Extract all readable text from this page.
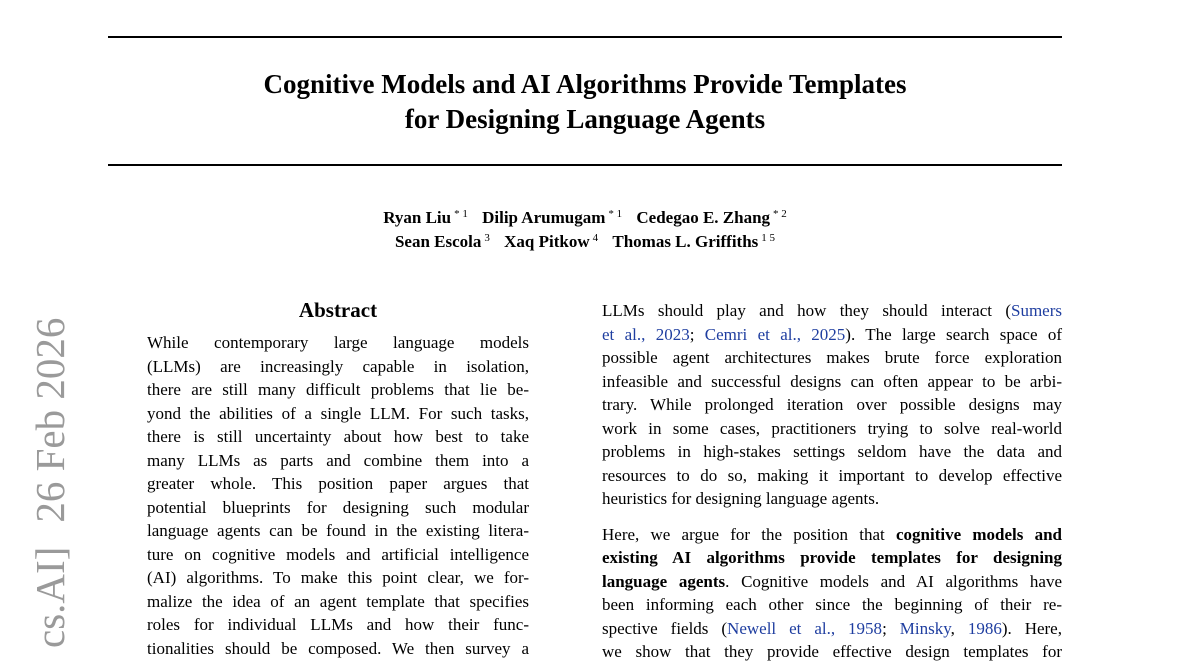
Cognitive Models and AI Algorithms Provide Templates
for Designing Language Agents
Ryan Liu $^{* 1}$ Dilip Arumugam $^{* 1}$ Cedegao E. Zhang $^{* 2}$
Sean Escola $^3$ Xaq Pitkow $^4$ Thomas L. Griffiths $^{1 5}$
cs.AI]26 Feb 2026
Abstract
While contemporary large language models
(LLMs) are increasingly capable in isolation,
there are still many difficult problems that lie be-
yond the abilities of a single LLM. For such tasks,
there is still uncertainty about how best to take
many LLMs as parts and combine them into a
greater whole. This position paper argues that
potential blueprints for designing such modular
language agents can be found in the existing litera-
ture on cognitive models and artificial intelligence
(AI) algorithms. To make this point clear, we for-
malize the idea of an agent template that specifies
roles for individual LLMs and how their func-
tionalities should be composed. We then survey a
LLMs should play and how they should interact (Sumers
et al., 2023; Cemri et al., 2025). The large search space of
possible agent architectures makes brute force exploration
infeasible and successful designs can often appear to be arbi-
trary. While prolonged iteration over possible designs may
work in some cases, practitioners trying to solve real-world
problems in high-stakes settings seldom have the data and
resources to do so, making it important to develop effective
heuristics for designing language agents.
Here, we argue for the position that cognitive models and
existing AI algorithms provide templates for designing
language agents. Cognitive models and AI algorithms have
been informing each other since the beginning of their re-
spective fields (Newell et al., 1958; Minsky, 1986). Here,
we show that they provide effective design templates for
